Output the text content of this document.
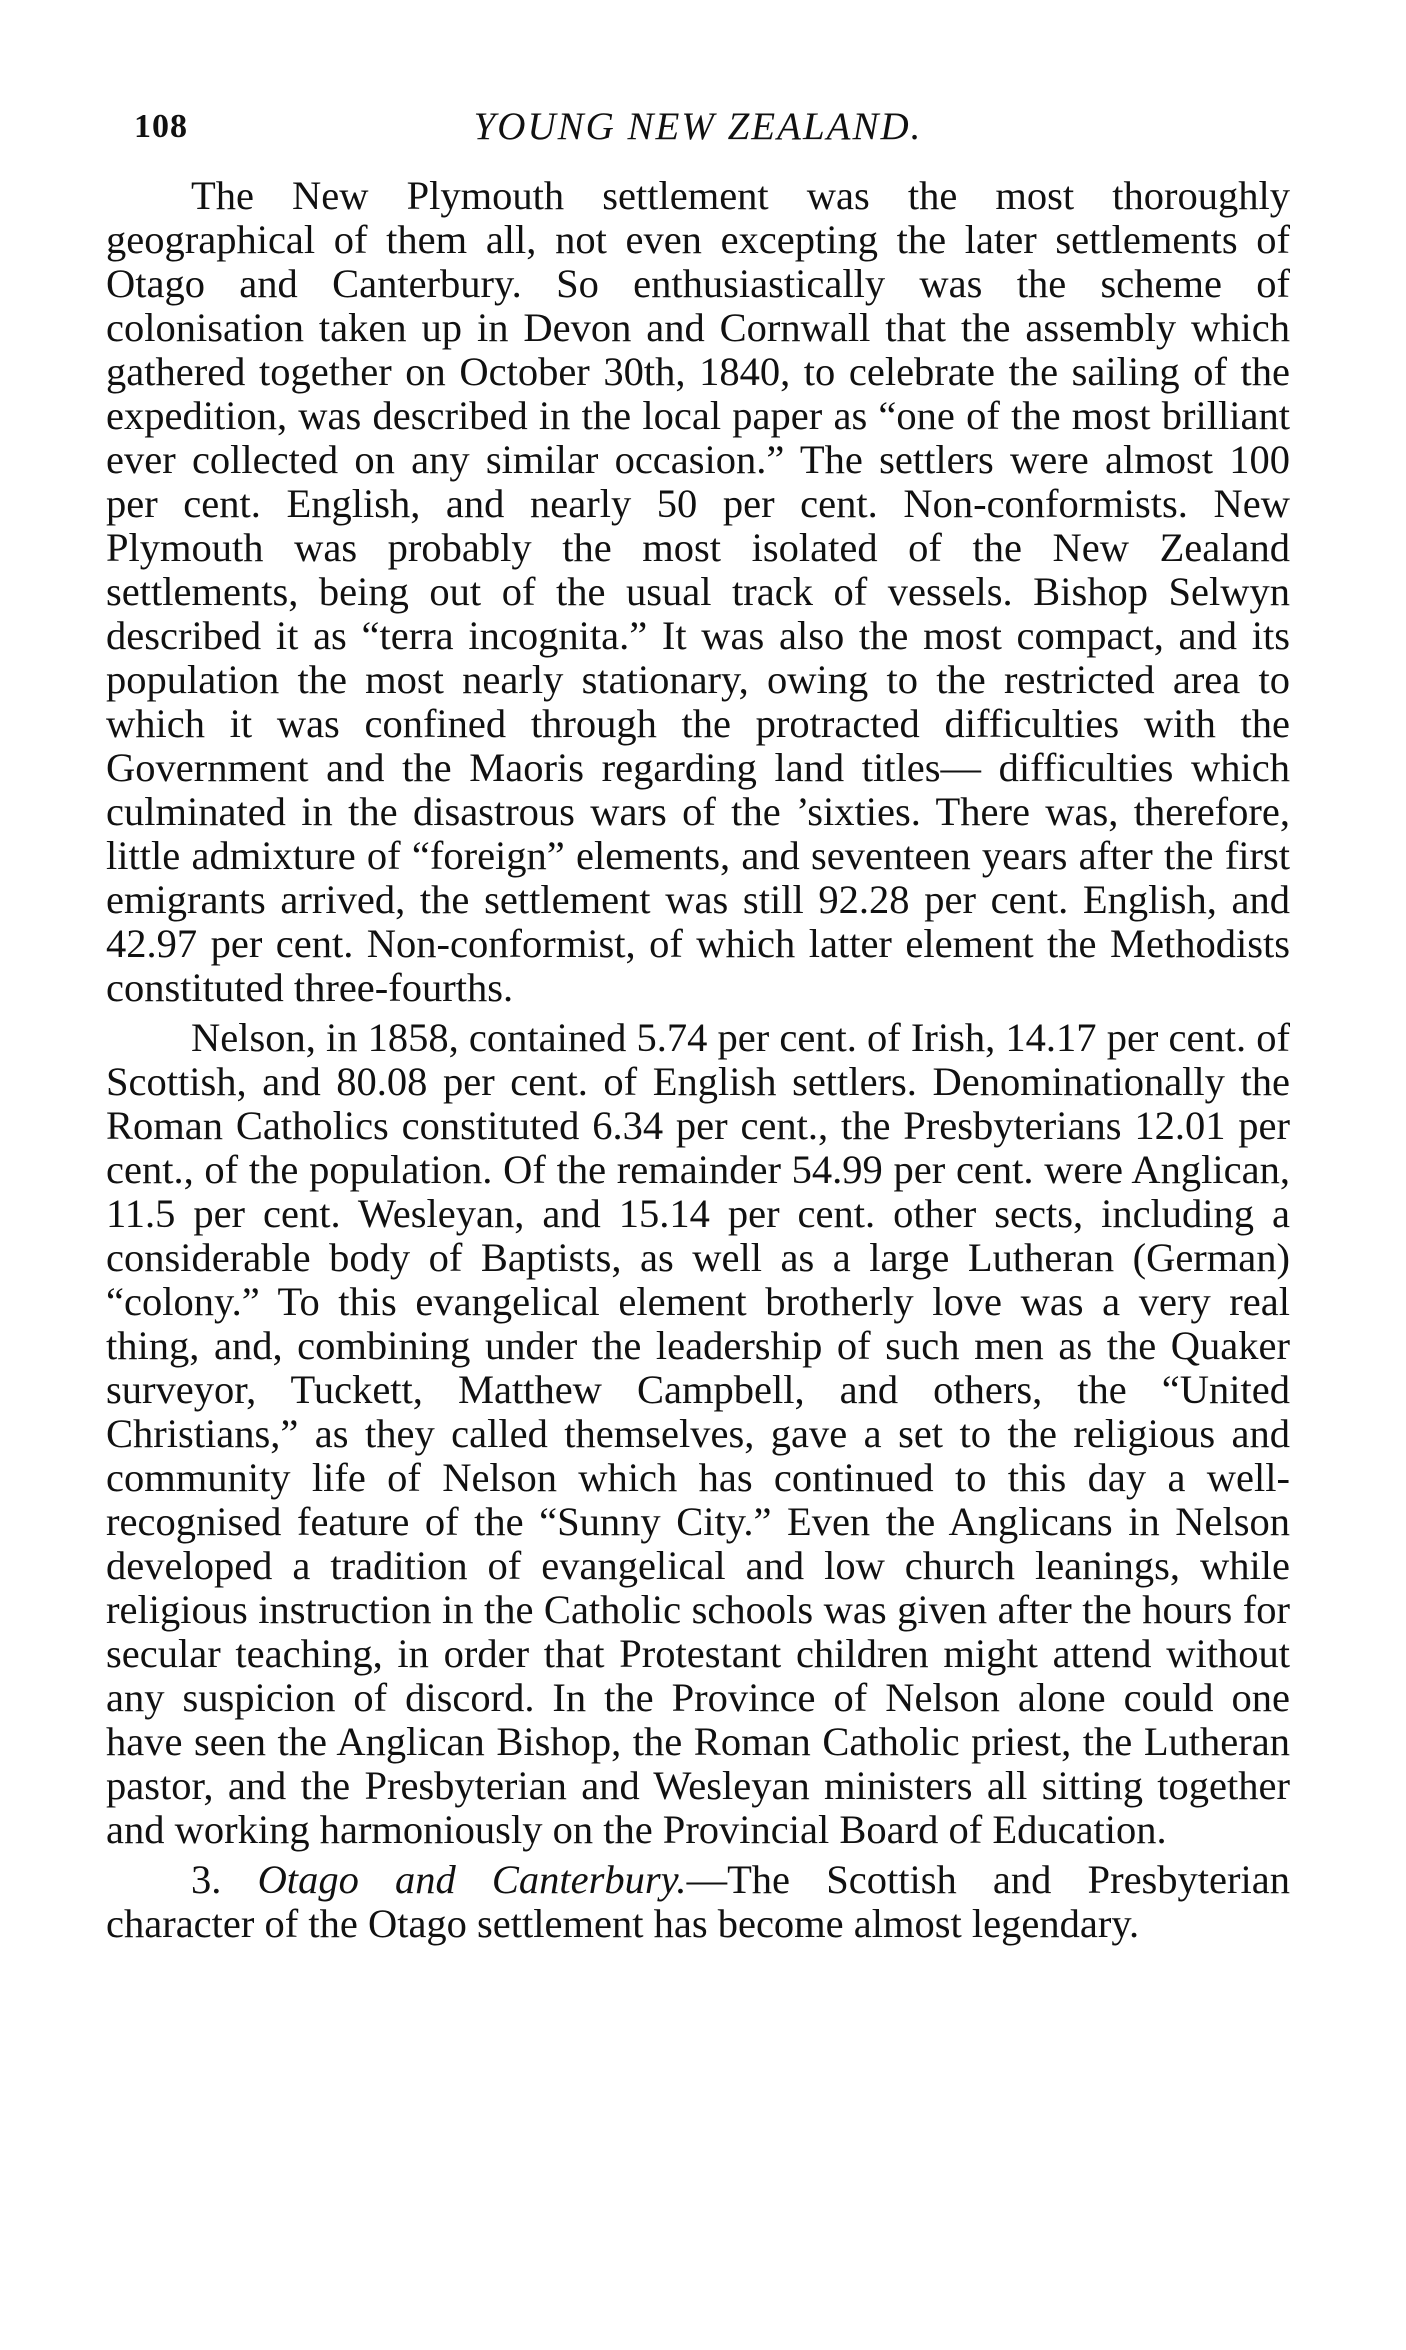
108	YOUNG NEW ZEALAND.

The New Plymouth settlement was the most thoroughly geographical of them all, not even excepting the later settlements of Otago and Canterbury. So enthusiastically was the scheme of colonisation taken up in Devon and Cornwall that the assembly which gathered together on October 30th, 1840, to celebrate the sailing of the expedition, was described in the local paper as “one of the most brilliant ever collected on any similar occasion.” The settlers were almost 100 per cent. English, and nearly 50 per cent. Non-conformists. New Plymouth was probably the most isolated of the New Zealand settlements, being out of the usual track of vessels. Bishop Selwyn described it as “terra incognita.” It was also the most compact, and its population the most nearly stationary, owing to the restricted area to which it was confined through the protracted difficulties with the Government and the Maoris regarding land titles— difficulties which culminated in the disastrous wars of the ’sixties. There was, therefore, little admixture of “foreign” elements, and seventeen years after the first emigrants arrived, the settlement was still 92.28 per cent. English, and 42.97 per cent. Non-conformist, of which latter element the Methodists constituted three-fourths.

Nelson, in 1858, contained 5.74 per cent. of Irish, 14.17 per cent. of Scottish, and 80.08 per cent. of English settlers. Denominationally the Roman Catholics constituted 6.34 per cent., the Presbyterians 12.01 per cent., of the population. Of the remainder 54.99 per cent. were Anglican, 11.5 per cent. Wesleyan, and 15.14 per cent. other sects, including a considerable body of Baptists, as well as a large Lutheran (German) “colony.” To this evangelical element brotherly love was a very real thing, and, combining under the leadership of such men as the Quaker surveyor, Tuckett, Matthew Campbell, and others, the “United Christians,” as they called themselves, gave a set to the religious and community life of Nelson which has continued to this day a well-recognised feature of the “Sunny City.” Even the Anglicans in Nelson developed a tradition of evangelical and low church leanings, while religious instruction in the Catholic schools was given after the hours for secular teaching, in order that Protestant children might attend without any suspicion of discord. In the Province of Nelson alone could one have seen the Anglican Bishop, the Roman Catholic priest, the Lutheran pastor, and the Presbyterian and Wesleyan ministers all sitting together and working harmoniously on the Provincial Board of Education.

3. Otago and Canterbury.—The Scottish and Presbyterian character of the Otago settlement has become almost legendary.
